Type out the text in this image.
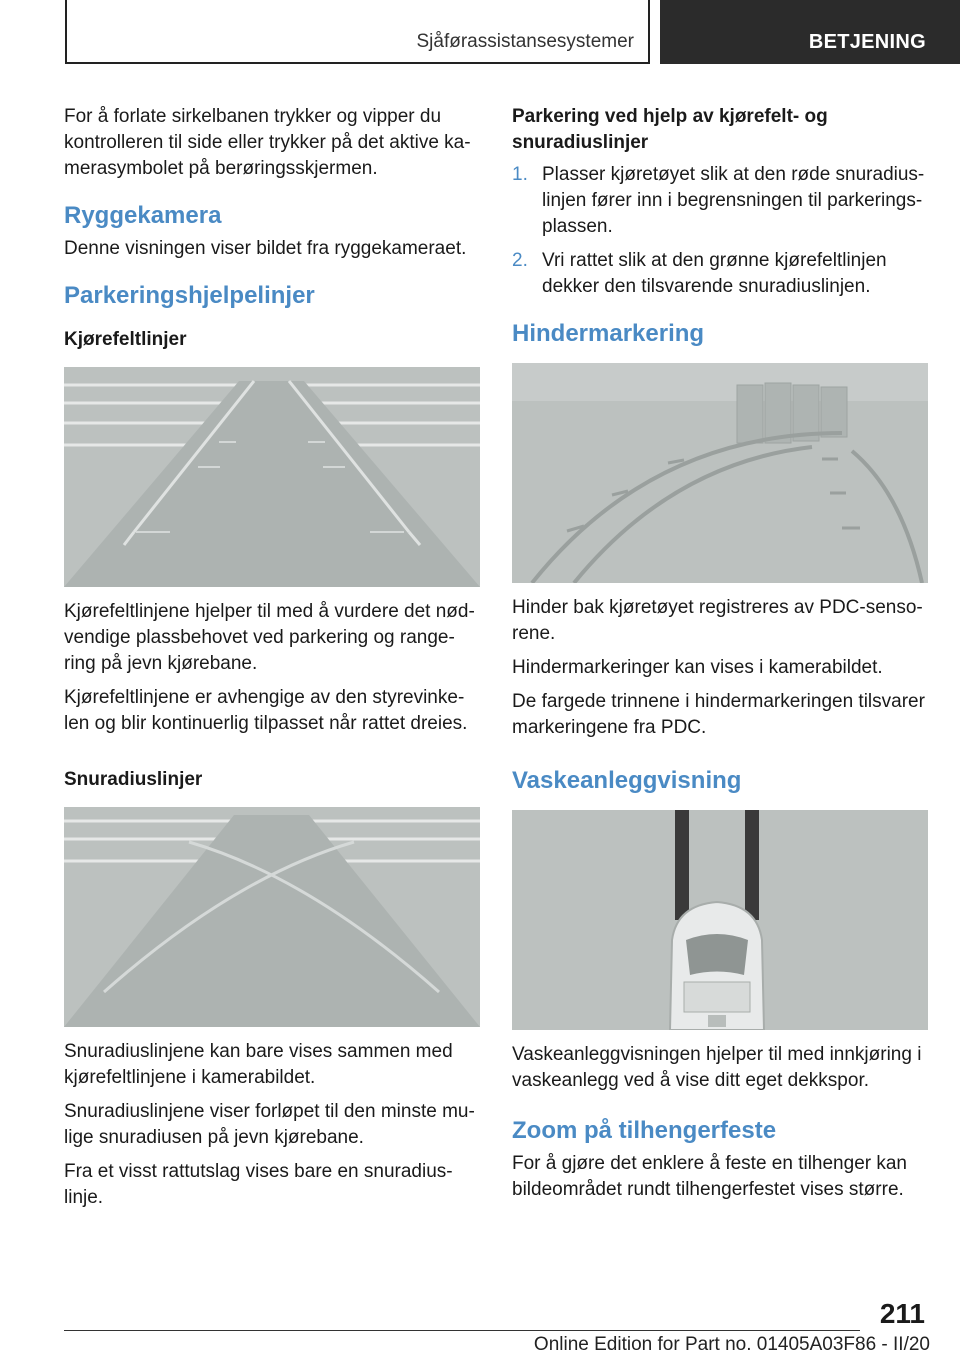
Sjåførassistansesystemer	BETJENING

For å forlate sirkelbanen trykker og vipper du kontrolleren til side eller trykker på det aktive ka-merasymbolet på berøringsskjermen.

Ryggekamera

Denne visningen viser bildet fra ryggekameraet.

Parkeringshjelpelinjer
Kjørefeltlinjer

Kjørefeltlinjene hjelper til med å vurdere det nød-vendige plassbehovet ved parkering og range-ring på jevn kjørebane.

Kjørefeltlinjene er avhengige av den styrevinke-len og blir kontinuerlig tilpasset når rattet dreies.

Snuradiuslinjer

Snuradiuslinjene kan bare vises sammen med kjørefeltlinjene i kamerabildet.

Snuradiuslinjene viser forløpet til den minste mu-lige snuradiusen på jevn kjørebane.

Fra et visst rattutslag vises bare en snuradius-linje.

Parkering ved hjelp av kjørefelt- og snuradiuslinjer
1. Plasser kjøretøyet slik at den røde snuradius-linjen fører inn i begrensningen til parkerings-plassen.
2. Vri rattet slik at den grønne kjørefeltlinjen dekker den tilsvarende snuradiuslinjen.
Hindermarkering

Hinder bak kjøretøyet registreres av PDC-senso-rene.

Hindermarkeringer kan vises i kamerabildet.

De fargede trinnene i hindermarkeringen tilsvarer markeringene fra PDC.

Vaskeanleggvisning

Vaskeanleggvisningen hjelper til med innkjøring i vaskeanlegg ved å vise ditt eget dekkspor.

Zoom på tilhengerfeste

For å gjøre det enklere å feste en tilhenger kan bildeområdet rundt tilhengerfestet vises større.

211
Online Edition for Part no. 01405A03F86 - II/20
